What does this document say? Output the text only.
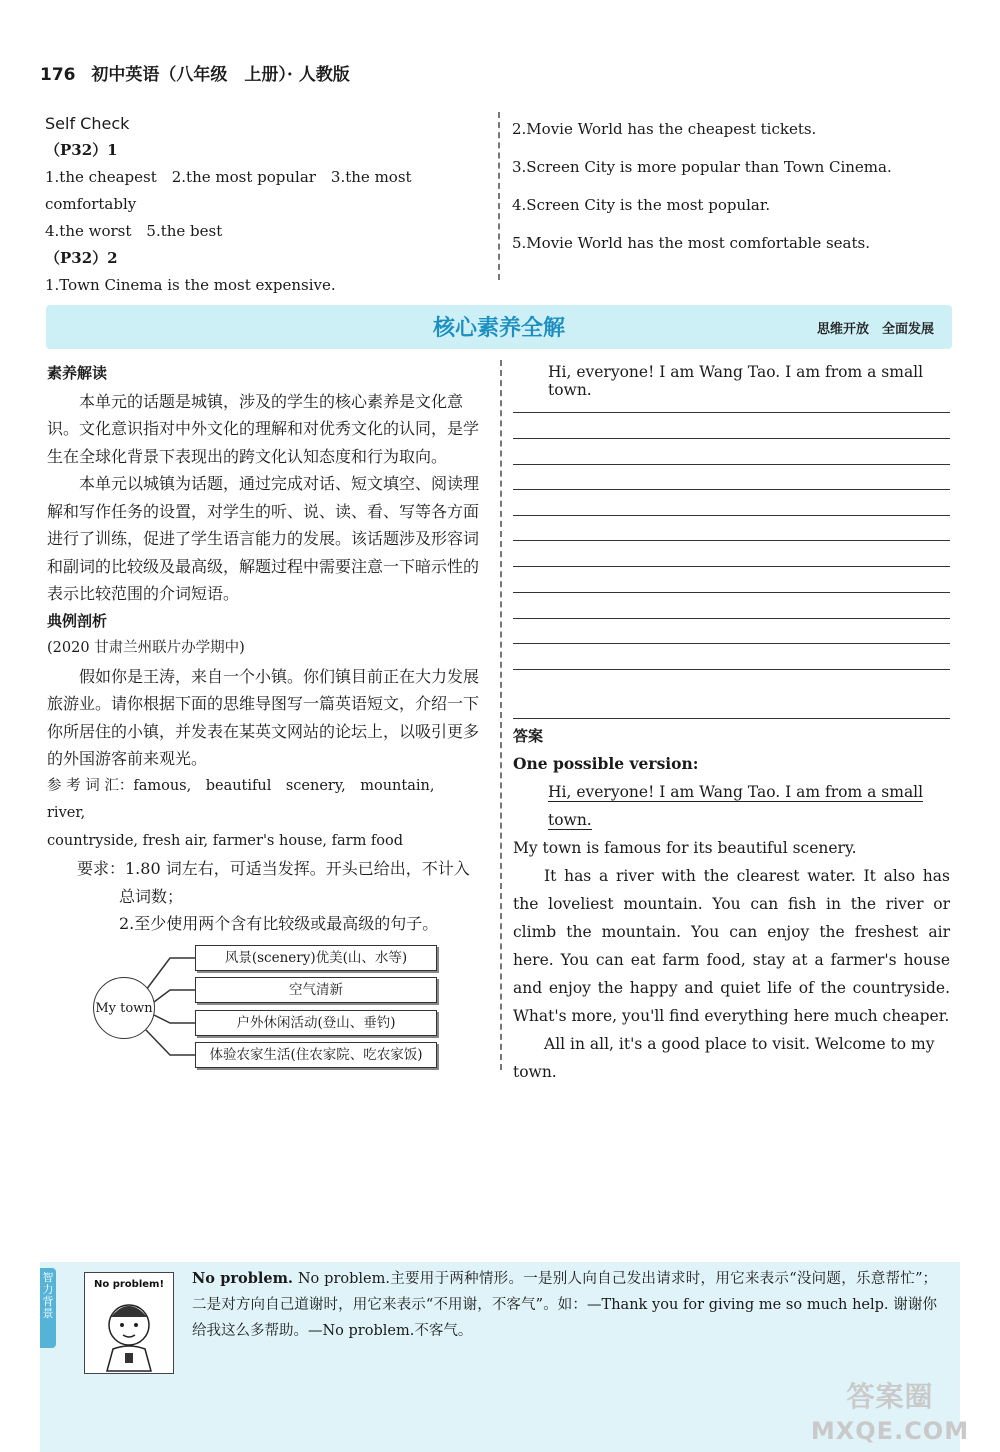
176 初中英语（八年级　上册）· 人教版
Self Check
（P32）1
1.the cheapest　2.the most popular　3.the most comfortably
4.the worst　5.the best
（P32）2
1.Town Cinema is the most expensive.
2.Movie World has the cheapest tickets.
3.Screen City is more popular than Town Cinema.
4.Screen City is the most popular.
5.Movie World has the most comfortable seats.
核心素养全解	思维开放　全面发展

素养解读

本单元的话题是城镇，涉及的学生的核心素养是文化意识。文化意识指对中外文化的理解和对优秀文化的认同，是学生在全球化背景下表现出的跨文化认知态度和行为取向。

本单元以城镇为话题，通过完成对话、短文填空、阅读理解和写作任务的设置，对学生的听、说、读、看、写等各方面进行了训练，促进了学生语言能力的发展。该话题涉及形容词和副词的比较级及最高级，解题过程中需要注意一下暗示性的表示比较范围的介词短语。

典例剖析

(2020 甘肃兰州联片办学期中)

假如你是王涛，来自一个小镇。你们镇目前正在大力发展旅游业。请你根据下面的思维导图写一篇英语短文，介绍一下你所居住的小镇，并发表在某英文网站的论坛上，以吸引更多的外国游客前来观光。

参 考 词 汇：famous,　beautiful　scenery,　mountain,　river,

countryside, fresh air, farmer's house, farm food

要求：1.80 词左右，可适当发挥。开头已给出，不计入

总词数；

2.至少使用两个含有比较级或最高级的句子。

My town
风景(scenery)优美(山、水等)
空气清新
户外休闲活动(登山、垂钓)
体验农家生活(住农家院、吃农家饭)
Hi, everyone! I am Wang Tao. I am from a small town.

答案

One possible version:

Hi, everyone! I am Wang Tao. I am from a small town.

My town is famous for its beautiful scenery.

It has a river with the clearest water. It also has the loveliest mountain. You can fish in the river or climb the mountain. You can enjoy the freshest air here. You can eat farm food, stay at a farmer's house and enjoy the happy and quiet life of the countryside. What's more, you'll find everything here much cheaper.

All in all, it's a good place to visit. Welcome to my town.

智力背景
No problem! No problem. No problem.主要用于两种情形。一是别人向自己发出请求时，用它来表示“没问题，乐意帮忙”；二是对方向自己道谢时，用它来表示“不用谢，不客气”。如：—Thank you for giving me so much help. 谢谢你给我这么多帮助。—No problem.不客气。
答案圈
MXQE.COM
